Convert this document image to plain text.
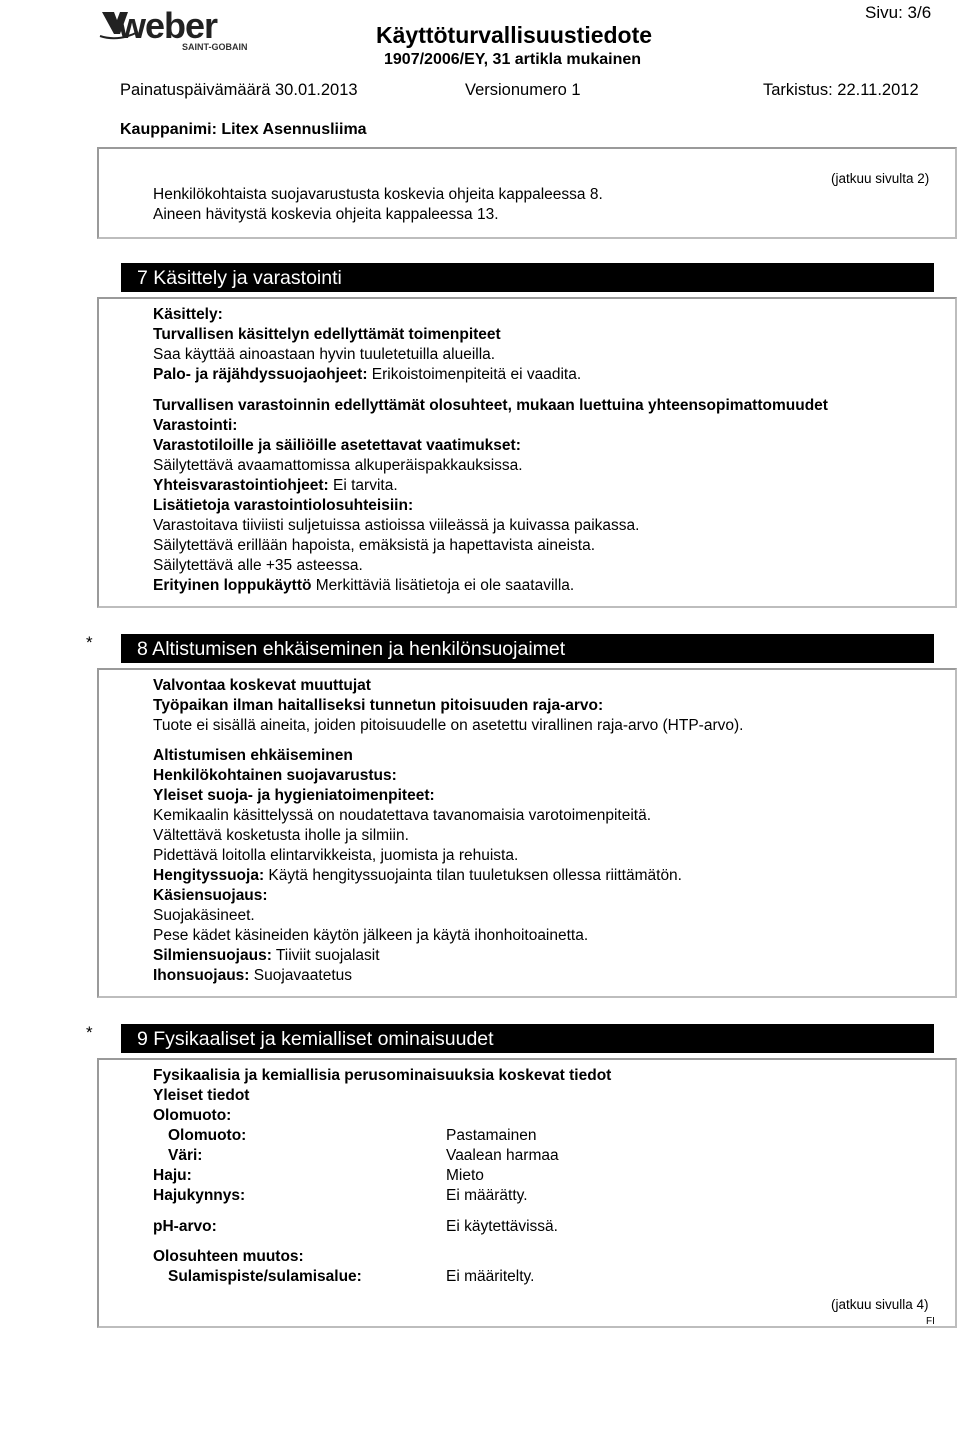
weber
SAINT-GOBAIN	Käyttöturvallisuustiedote
1907/2006/EY, 31 artikla mukainen
Sivu: 3/6
Painatuspäivämäärä 30.01.2013	Versionumero 1	Tarkistus: 22.11.2012
Kauppanimi: Litex Asennusliima
(jatkuu sivulta 2)
Henkilökohtaista suojavarustusta koskevia ohjeita kappaleessa 8.
Aineen hävitystä koskevia ohjeita kappaleessa 13.
7 Käsittely ja varastointi
Käsittely:
Turvallisen käsittelyn edellyttämät toimenpiteet
Saa käyttää ainoastaan hyvin tuuletetuilla alueilla.
Palo- ja räjähdyssuojaohjeet: Erikoistoimenpiteitä ei vaadita.
Turvallisen varastoinnin edellyttämät olosuhteet, mukaan luettuina yhteensopimattomuudet
Varastointi:
Varastotiloille ja säiliöille asetettavat vaatimukset:
Säilytettävä avaamattomissa alkuperäispakkauksissa.
Yhteisvarastointiohjeet: Ei tarvita.
Lisätietoja varastointiolosuhteisiin:
Varastoitava tiiviisti suljetuissa astioissa viileässä ja kuivassa paikassa.
Säilytettävä erillään hapoista, emäksistä ja hapettavista aineista.
Säilytettävä alle +35 asteessa.
Erityinen loppukäyttö Merkittäviä lisätietoja ei ole saatavilla.
*	8 Altistumisen ehkäiseminen ja henkilönsuojaimet
Valvontaa koskevat muuttujat
Työpaikan ilman haitalliseksi tunnetun pitoisuuden raja-arvo:
Tuote ei sisällä aineita, joiden pitoisuudelle on asetettu virallinen raja-arvo (HTP-arvo).
Altistumisen ehkäiseminen
Henkilökohtainen suojavarustus:
Yleiset suoja- ja hygieniatoimenpiteet:
Kemikaalin käsittelyssä on noudatettava tavanomaisia varotoimenpiteitä.
Vältettävä kosketusta iholle ja silmiin.
Pidettävä loitolla elintarvikkeista, juomista ja rehuista.
Hengityssuoja: Käytä hengityssuojainta tilan tuuletuksen ollessa riittämätön.
Käsiensuojaus:
Suojakäsineet.
Pese kädet käsineiden käytön jälkeen ja käytä ihonhoitoainetta.
Silmiensuojaus: Tiiviit suojalasit
Ihonsuojaus: Suojavaatetus
*	9 Fysikaaliset ja kemialliset ominaisuudet
Fysikaalisia ja kemiallisia perusominaisuuksia koskevat tiedot
Yleiset tiedot
Olomuoto:
Olomuoto:	Pastamainen
Väri:	Vaalean harmaa
Haju:	Mieto
Hajukynnys:	Ei määrätty.
pH-arvo:	Ei käytettävissä.
Olosuhteen muutos:
Sulamispiste/sulamisalue:	Ei määritelty.
(jatkuu sivulla 4)
FI
